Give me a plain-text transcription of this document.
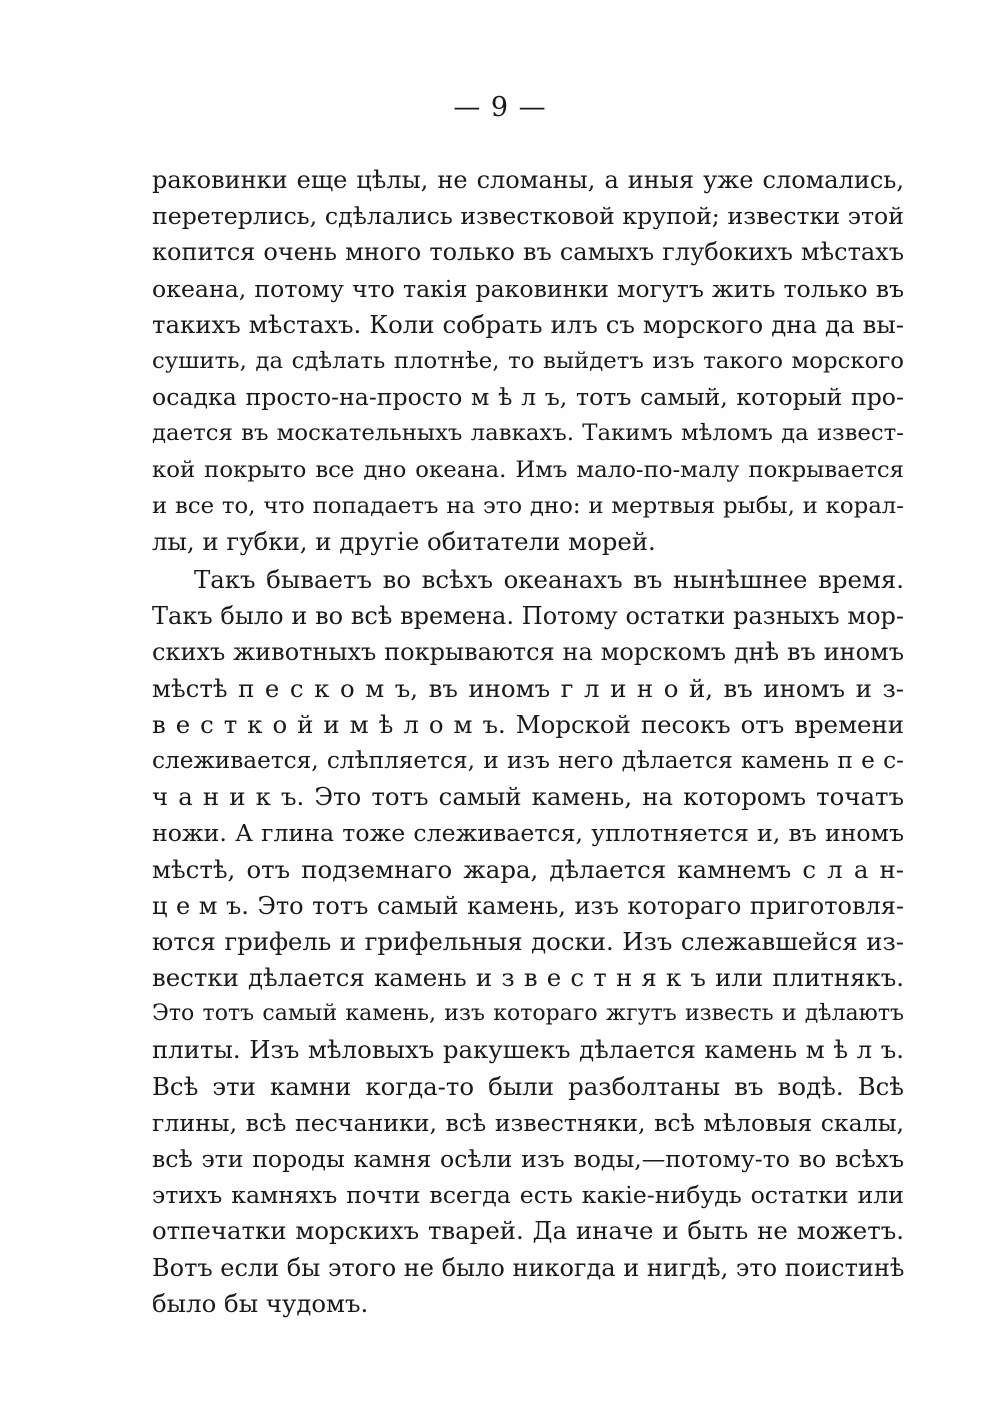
— 9 —
раковинки еще цѣлы, не сломаны, а иныя уже сломались,
перетерлись, сдѣлались известковой крупой; известки этой
копится очень много только въ самыхъ глубокихъ мѣстахъ
океана, потому что такія раковинки могутъ жить только въ
такихъ мѣстахъ. Коли собрать илъ съ морского дна да вы-
сушить, да сдѣлать плотнѣе, то выйдетъ изъ такого морского
осадка просто-на-просто м ѣ л ъ, тотъ самый, который про-
дается въ москательныхъ лавкахъ. Такимъ мѣломъ да извест-
кой покрыто все дно океана. Имъ мало-по-малу покрывается
и все то, что попадаетъ на это дно: и мертвыя рыбы, и корал-
лы, и губки, и другіе обитатели морей.
Такъ бываетъ во всѣхъ океанахъ въ нынѣшнее время.
Такъ было и во всѣ времена. Потому остатки разныхъ мор-
скихъ животныхъ покрываются на морскомъ днѣ въ иномъ
мѣстѣ п е с к о м ъ, въ иномъ г л и н о й, въ иномъ и з-
в е с т к о й и м ѣ л о м ъ. Морской песокъ отъ времени
слеживается, слѣпляется, и изъ него дѣлается камень п е с-
ч а н и к ъ. Это тотъ самый камень, на которомъ точатъ
ножи. А глина тоже слеживается, уплотняется и, въ иномъ
мѣстѣ, отъ подземнаго жара, дѣлается камнемъ с л а н-
ц е м ъ. Это тотъ самый камень, изъ котораго приготовля-
ются грифель и грифельныя доски. Изъ слежавшейся из-
вестки дѣлается камень и з в е с т н я к ъ или плитнякъ.
Это тотъ самый камень, изъ котораго жгутъ известь и дѣлаютъ
плиты. Изъ мѣловыхъ ракушекъ дѣлается камень м ѣ л ъ.
Всѣ эти камни когда-то были разболтаны въ водѣ. Всѣ
глины, всѣ песчаники, всѣ известняки, всѣ мѣловыя скалы,
всѣ эти породы камня осѣли изъ воды,—потому-то во всѣхъ
этихъ камняхъ почти всегда есть какіе-нибудь остатки или
отпечатки морскихъ тварей. Да иначе и быть не можетъ.
Вотъ если бы этого не было никогда и нигдѣ, это поистинѣ
было бы чудомъ.
